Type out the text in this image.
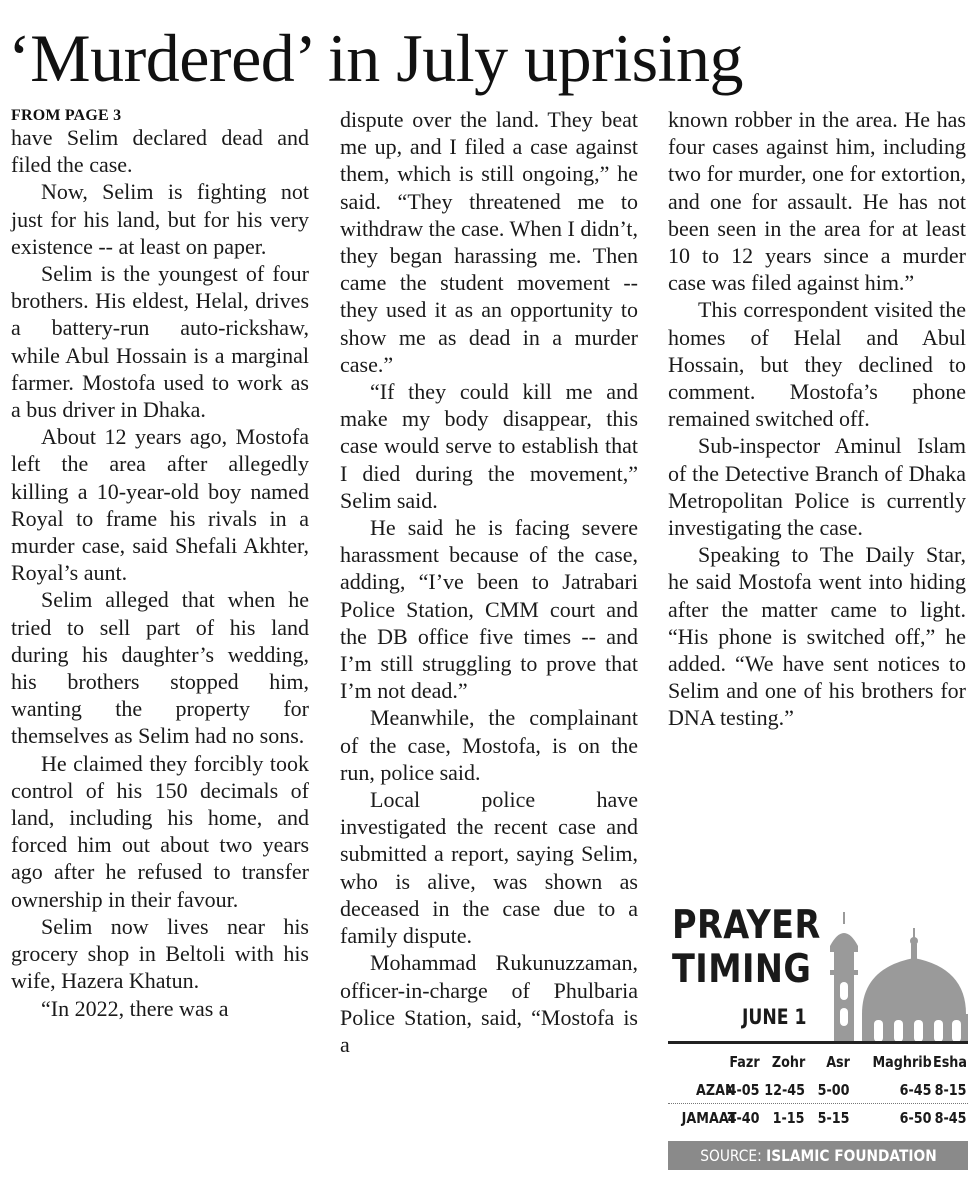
‘Murdered’ in July uprising
FROM PAGE 3

have Selim declared dead and filed the case.

Now, Selim is fighting not just for his land, but for his very existence -- at least on paper.

Selim is the youngest of four brothers. His eldest, Helal, drives a battery-run auto-rickshaw, while Abul Hossain is a marginal farmer. Mostofa used to work as a bus driver in Dhaka.

About 12 years ago, Mostofa left the area after allegedly killing a 10-year-old boy named Royal to frame his rivals in a murder case, said Shefali Akhter, Royal’s aunt.

Selim alleged that when he tried to sell part of his land during his daughter’s wedding, his brothers stopped him, wanting the property for themselves as Selim had no sons.

He claimed they forcibly took control of his 150 decimals of land, including his home, and forced him out about two years ago after he refused to transfer ownership in their favour.

Selim now lives near his grocery shop in Beltoli with his wife, Hazera Khatun.

“In 2022, there was a

dispute over the land. They beat me up, and I filed a case against them, which is still ongoing,” he said. “They threatened me to withdraw the case. When I didn’t, they began harassing me. Then came the student movement -- they used it as an opportunity to show me as dead in a murder case.”

“If they could kill me and make my body disappear, this case would serve to establish that I died during the movement,” Selim said.

He said he is facing severe harassment because of the case, adding, “I’ve been to Jatrabari Police Station, CMM court and the DB office five times -- and I’m still struggling to prove that I’m not dead.”

Meanwhile, the complainant of the case, Mostofa, is on the run, police said.

Local police have investigated the recent case and submitted a report, saying Selim, who is alive, was shown as deceased in the case due to a family dispute.

Mohammad Rukunuzzaman, officer-in-charge of Phulbaria Police Station, said, “Mostofa is a

known robber in the area. He has four cases against him, including two for murder, one for extortion, and one for assault. He has not been seen in the area for at least 10 to 12 years since a murder case was filed against him.”

This correspondent visited the homes of Helal and Abul Hossain, but they declined to comment. Mostofa’s phone remained switched off.

Sub-inspector Aminul Islam of the Detective Branch of Dhaka Metropolitan Police is currently investigating the case.

Speaking to The Daily Star, he said Mostofa went into hiding after the matter came to light. “His phone is switched off,” he added. “We have sent notices to Selim and one of his brothers for DNA testing.”

PRAYER
TIMING
JUNE 1
Fazr Zohr Asr Maghrib Esha
AZAN
4-05 12-45 5-00	6-45 8-15
JAMAAT
4-40 1-15 5-15	6-50 8-45
SOURCE: ISLAMIC FOUNDATION
